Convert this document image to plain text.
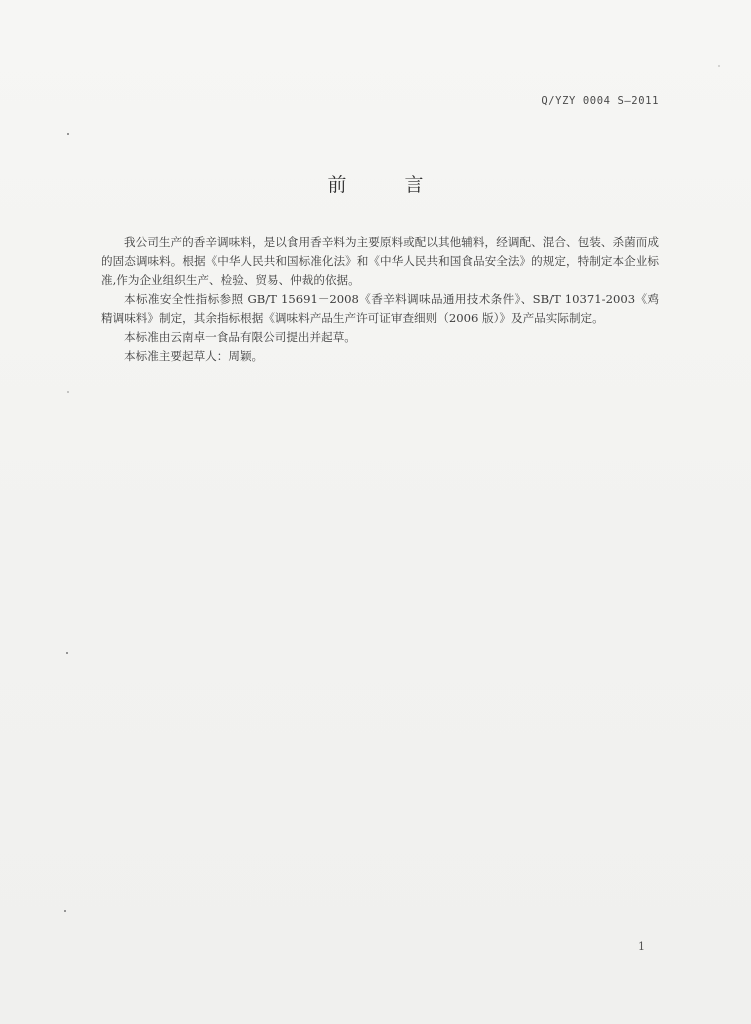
Q/YZY 0004 S—2011
前 言

我公司生产的香辛调味料，是以食用香辛料为主要原料或配以其他辅料，经调配、混合、包装、杀菌而成的固态调味料。根据《中华人民共和国标准化法》和《中华人民共和国食品安全法》的规定，特制定本企业标准,作为企业组织生产、检验、贸易、仲裁的依据。

本标准安全性指标参照 GB/T 15691－2008《香辛料调味品通用技术条件》、SB/T 10371-2003《鸡精调味料》制定，其余指标根据《调味料产品生产许可证审查细则（2006 版）》及产品实际制定。

本标准由云南卓一食品有限公司提出并起草。

本标准主要起草人：周颖。

1
